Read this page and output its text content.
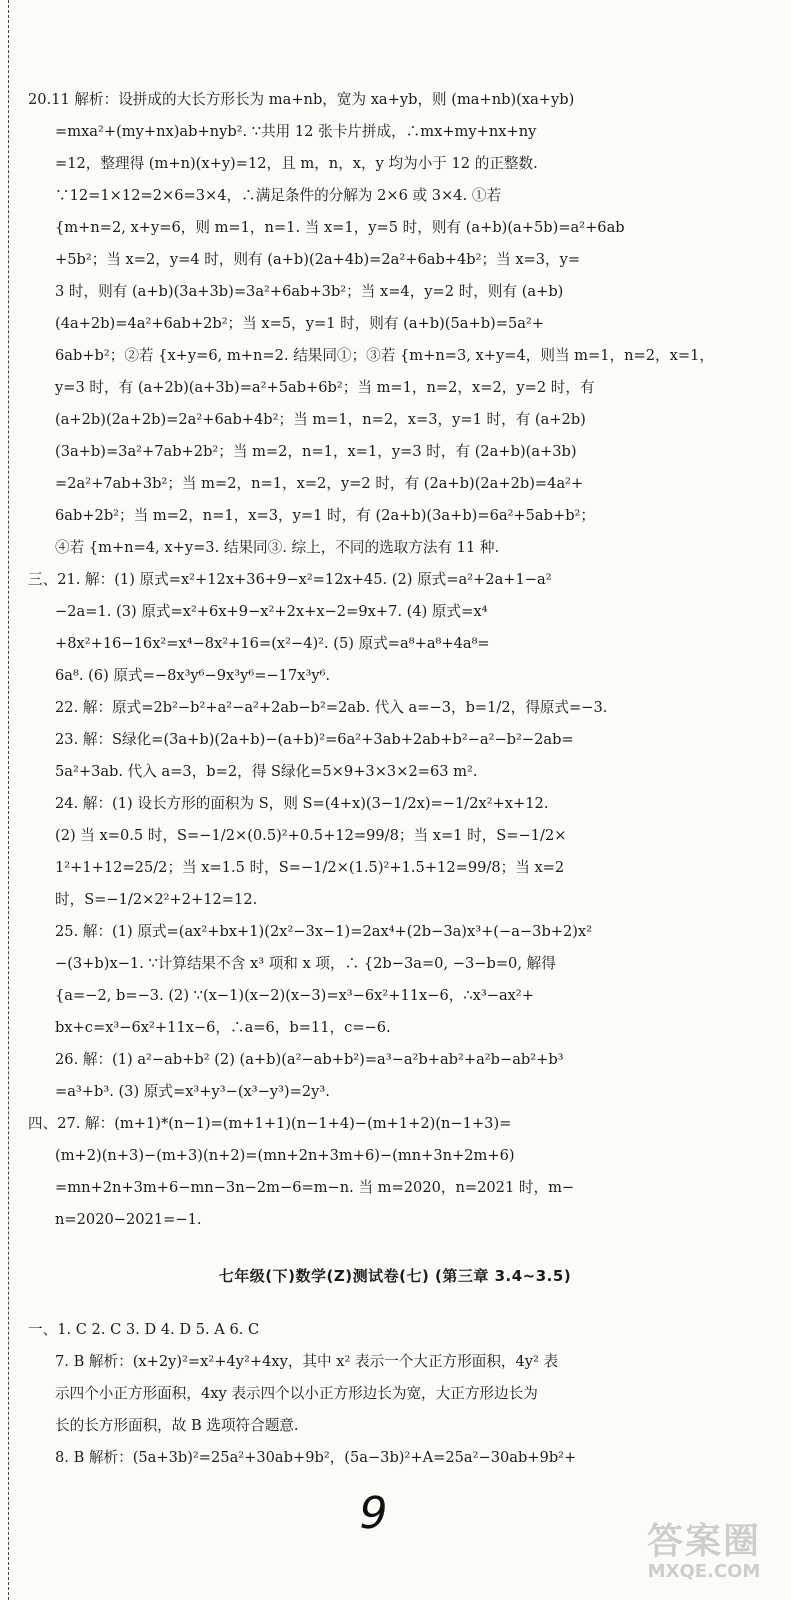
20.11 解析：设拼成的大长方形长为 ma+nb，宽为 xa+yb，则 (ma+nb)(xa+yb)

=mxa²+(my+nx)ab+nyb². ∵共用 12 张卡片拼成，∴mx+my+nx+ny

=12，整理得 (m+n)(x+y)=12，且 m，n，x，y 均为小于 12 的正整数.

∵12=1×12=2×6=3×4，∴满足条件的分解为 2×6 或 3×4. ①若

{m+n=2, x+y=6，则 m=1，n=1. 当 x=1，y=5 时，则有 (a+b)(a+5b)=a²+6ab

+5b²；当 x=2，y=4 时，则有 (a+b)(2a+4b)=2a²+6ab+4b²；当 x=3，y=

3 时，则有 (a+b)(3a+3b)=3a²+6ab+3b²；当 x=4，y=2 时，则有 (a+b)

(4a+2b)=4a²+6ab+2b²；当 x=5，y=1 时，则有 (a+b)(5a+b)=5a²+

6ab+b²；②若 {x+y=6, m+n=2. 结果同①；③若 {m+n=3, x+y=4，则当 m=1，n=2，x=1，

y=3 时，有 (a+2b)(a+3b)=a²+5ab+6b²；当 m=1，n=2，x=2，y=2 时，有

(a+2b)(2a+2b)=2a²+6ab+4b²；当 m=1，n=2，x=3，y=1 时，有 (a+2b)

(3a+b)=3a²+7ab+2b²；当 m=2，n=1，x=1，y=3 时，有 (2a+b)(a+3b)

=2a²+7ab+3b²；当 m=2，n=1，x=2，y=2 时，有 (2a+b)(2a+2b)=4a²+

6ab+2b²；当 m=2，n=1，x=3，y=1 时，有 (2a+b)(3a+b)=6a²+5ab+b²；

④若 {m+n=4, x+y=3. 结果同③. 综上，不同的选取方法有 11 种.

三、21. 解：(1) 原式=x²+12x+36+9−x²=12x+45. (2) 原式=a²+2a+1−a²

−2a=1. (3) 原式=x²+6x+9−x²+2x+x−2=9x+7. (4) 原式=x⁴

+8x²+16−16x²=x⁴−8x²+16=(x²−4)². (5) 原式=a⁸+a⁸+4a⁸=

6a⁸. (6) 原式=−8x³y⁶−9x³y⁶=−17x³y⁶.

22. 解：原式=2b²−b²+a²−a²+2ab−b²=2ab. 代入 a=−3，b=1/2，得原式=−3.

23. 解：S绿化=(3a+b)(2a+b)−(a+b)²=6a²+3ab+2ab+b²−a²−b²−2ab=

5a²+3ab. 代入 a=3，b=2，得 S绿化=5×9+3×3×2=63 m².

24. 解：(1) 设长方形的面积为 S，则 S=(4+x)(3−1/2x)=−1/2x²+x+12.

(2) 当 x=0.5 时，S=−1/2×(0.5)²+0.5+12=99/8；当 x=1 时，S=−1/2×

1²+1+12=25/2；当 x=1.5 时，S=−1/2×(1.5)²+1.5+12=99/8；当 x=2

时，S=−1/2×2²+2+12=12.

25. 解：(1) 原式=(ax²+bx+1)(2x²−3x−1)=2ax⁴+(2b−3a)x³+(−a−3b+2)x²

−(3+b)x−1. ∵计算结果不含 x³ 项和 x 项，∴ {2b−3a=0, −3−b=0, 解得

{a=−2, b=−3. (2) ∵(x−1)(x−2)(x−3)=x³−6x²+11x−6，∴x³−ax²+

bx+c=x³−6x²+11x−6，∴a=6，b=11，c=−6.

26. 解：(1) a²−ab+b² (2) (a+b)(a²−ab+b²)=a³−a²b+ab²+a²b−ab²+b³

=a³+b³. (3) 原式=x³+y³−(x³−y³)=2y³.

四、27. 解：(m+1)*(n−1)=(m+1+1)(n−1+4)−(m+1+2)(n−1+3)=

(m+2)(n+3)−(m+3)(n+2)=(mn+2n+3m+6)−(mn+3n+2m+6)

=mn+2n+3m+6−mn−3n−2m−6=m−n. 当 m=2020，n=2021 时，m−

n=2020−2021=−1.

七年级(下)数学(Z)测试卷(七) (第三章 3.4~3.5)

一、1. C 2. C 3. D 4. D 5. A 6. C

7. B 解析：(x+2y)²=x²+4y²+4xy，其中 x² 表示一个大正方形面积，4y² 表

示四个小正方形面积，4xy 表示四个以小正方形边长为宽，大正方形边长为

长的长方形面积，故 B 选项符合题意.

8. B 解析：(5a+3b)²=25a²+30ab+9b²，(5a−3b)²+A=25a²−30ab+9b²+

9
答案圈
MXQE.COM
